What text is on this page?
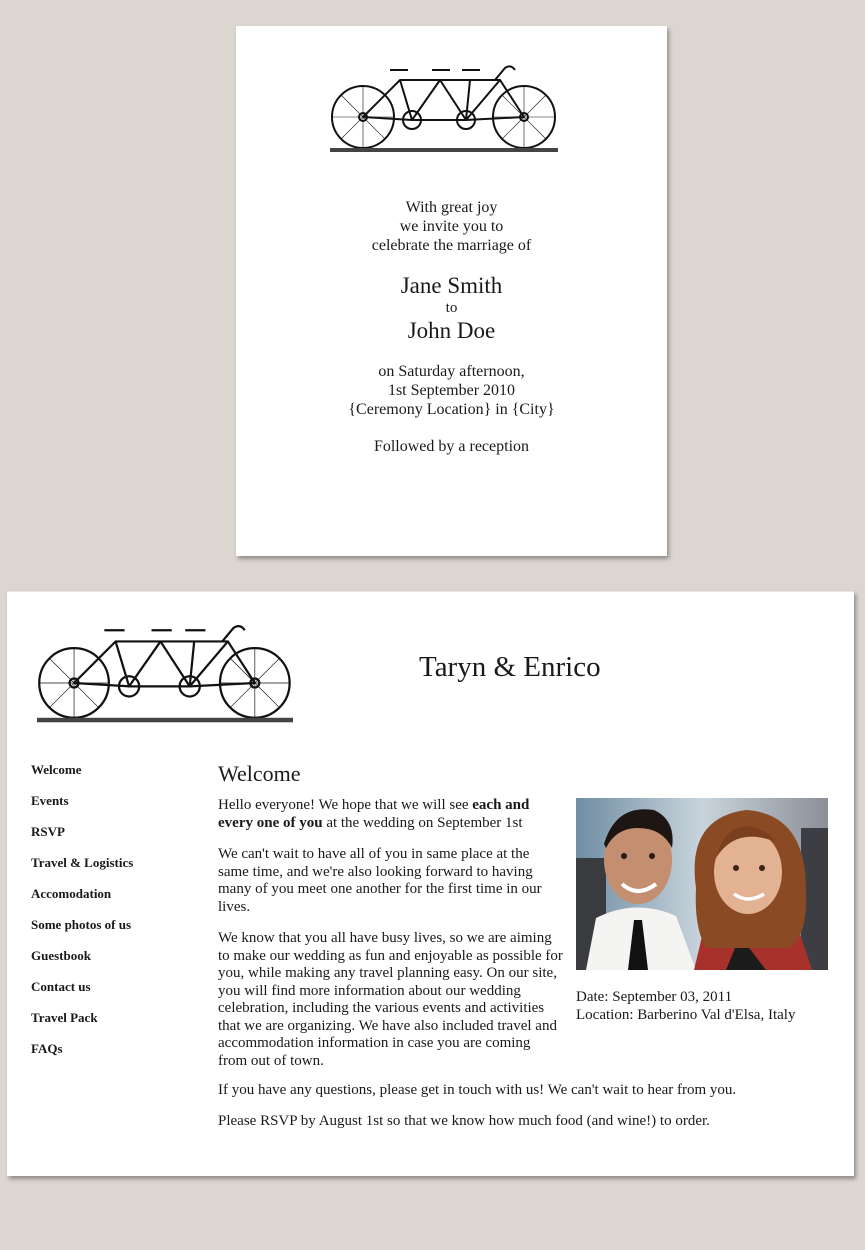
With great joy
we invite you to
celebrate the marriage of
Jane Smith
to
John Doe
on Saturday afternoon,
1st September 2010
{Ceremony Location} in {City}
Followed by a reception
Taryn & Enrico
Welcome
Events
RSVP
Travel & Logistics
Accomodation
Some photos of us
Guestbook
Contact us
Travel Pack
FAQs
Welcome

Hello everyone! We hope that we will see each and every one of you at the wedding on September 1st

We can't wait to have all of you in same place at the same time, and we're also looking forward to having many of you meet one another for the first time in our lives.

We know that you all have busy lives, so we are aiming to make our wedding as fun and enjoyable as possible for you, while making any travel planning easy. On our site, you will find more information about our wedding celebration, including the various events and activities that we are organizing. We have also included travel and accommodation information in case you are coming from out of town.

If you have any questions, please get in touch with us! We can't wait to hear from you.

Please RSVP by August 1st so that we know how much food (and wine!) to order.

Date: September 03, 2011
Location: Barberino Val d'Elsa, Italy
